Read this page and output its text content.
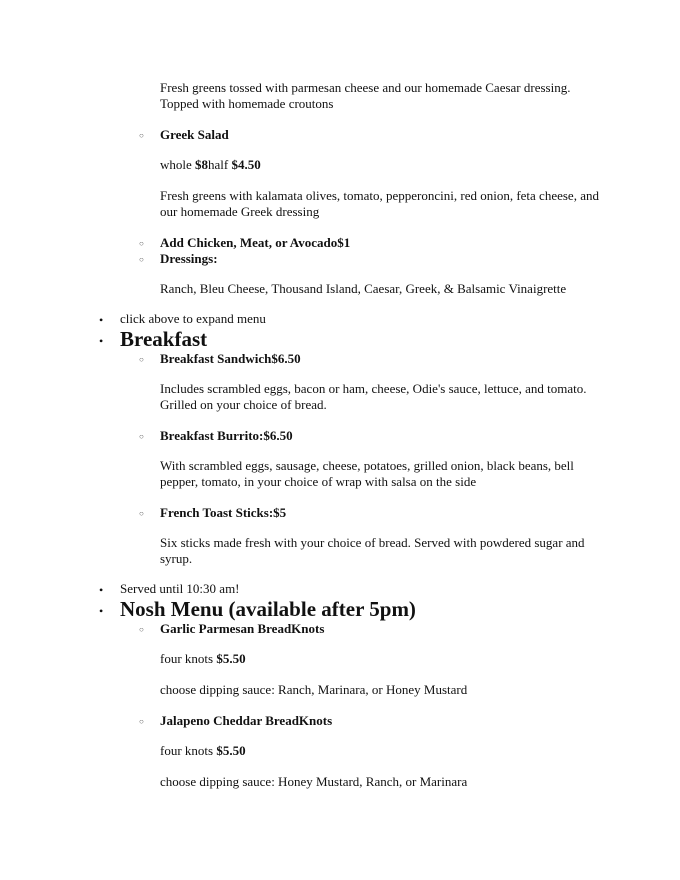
Fresh greens tossed with parmesan cheese and our homemade Caesar dressing. Topped with homemade croutons
○ Greek Salad
whole $8half $4.50
Fresh greens with kalamata olives, tomato, pepperoncini, red onion, feta cheese, and our homemade Greek dressing
○ Add Chicken, Meat, or Avocado$1
○ Dressings:
Ranch, Bleu Cheese, Thousand Island, Caesar, Greek, & Balsamic Vinaigrette
• click above to expand menu
• Breakfast
○ Breakfast Sandwich$6.50
Includes scrambled eggs, bacon or ham, cheese, Odie's sauce, lettuce, and tomato. Grilled on your choice of bread.
○ Breakfast Burrito:$6.50
With scrambled eggs, sausage, cheese, potatoes, grilled onion, black beans, bell pepper, tomato, in your choice of wrap with salsa on the side
○ French Toast Sticks:$5
Six sticks made fresh with your choice of bread. Served with powdered sugar and syrup.
• Served until 10:30 am!
• Nosh Menu (available after 5pm)
○ Garlic Parmesan BreadKnots
four knots $5.50
choose dipping sauce: Ranch, Marinara, or Honey Mustard
○ Jalapeno Cheddar BreadKnots
four knots $5.50
choose dipping sauce: Honey Mustard, Ranch, or Marinara
